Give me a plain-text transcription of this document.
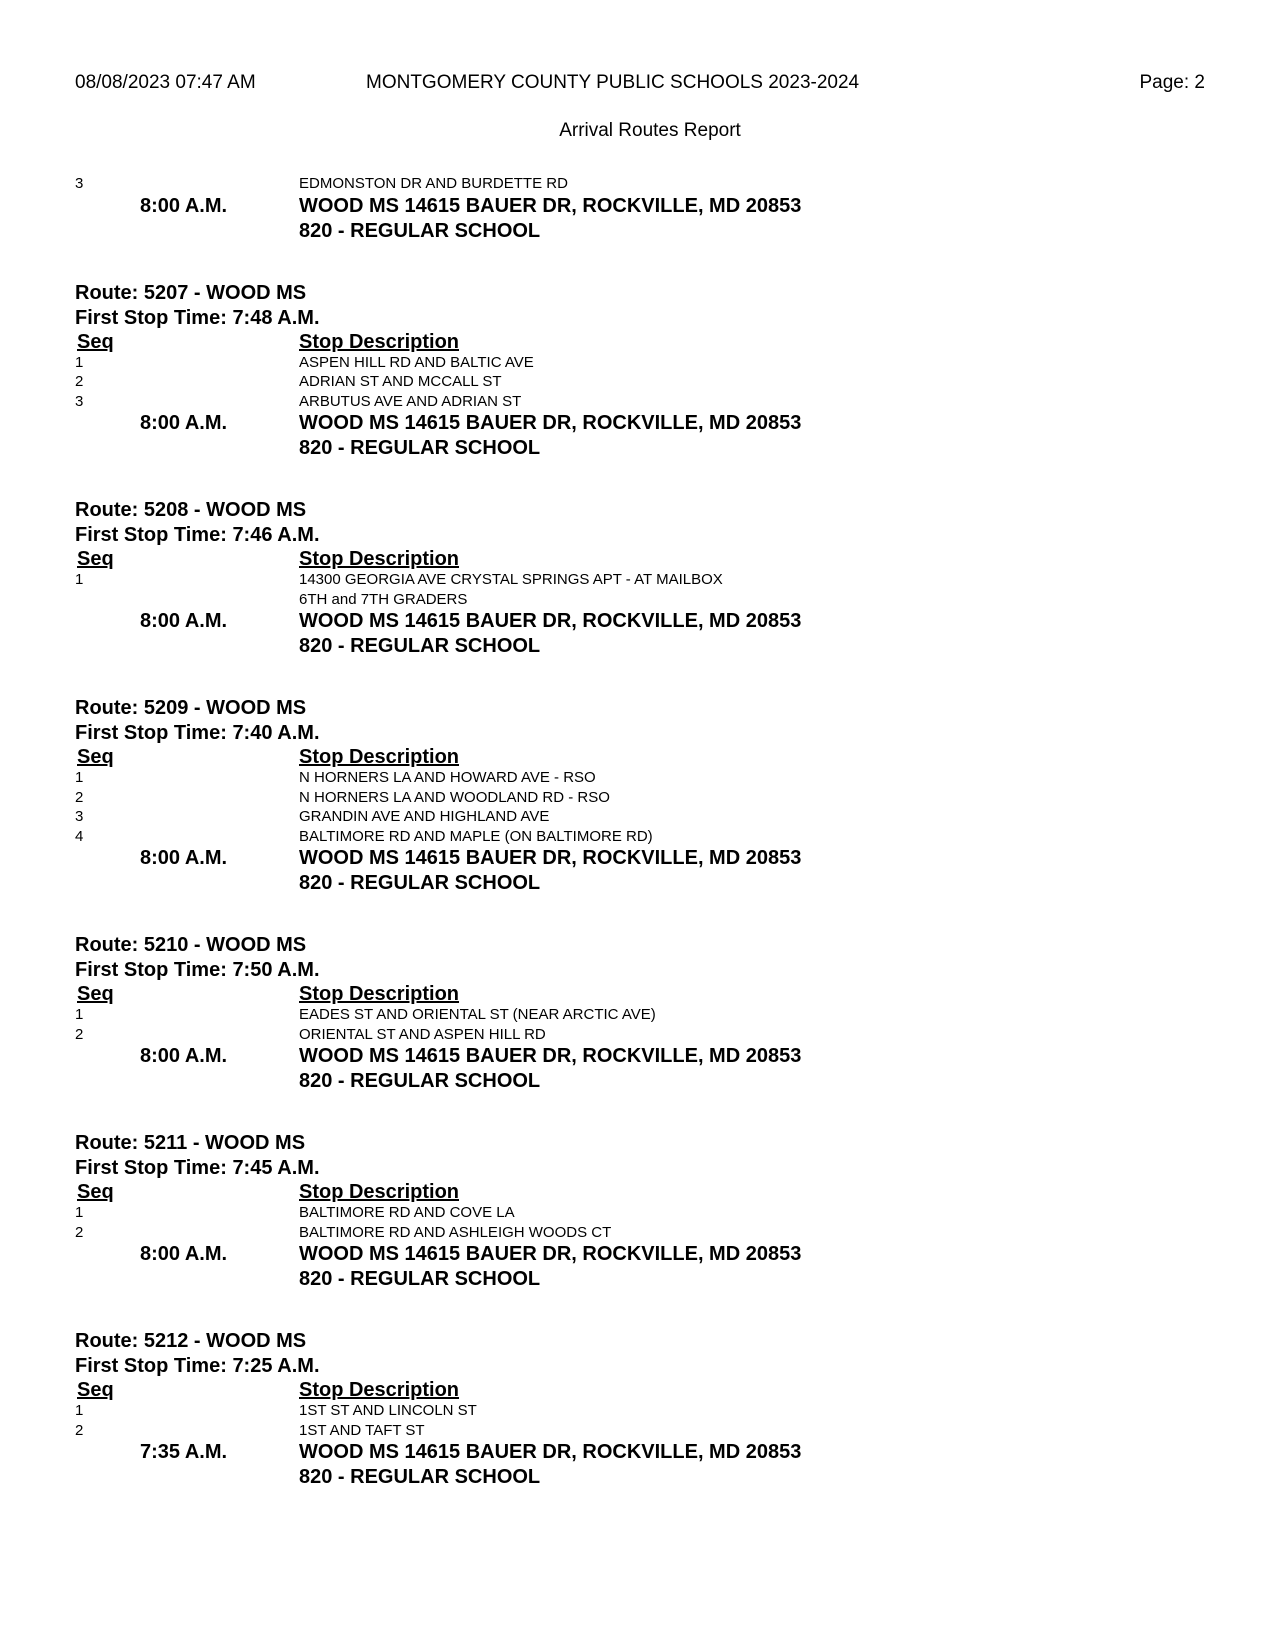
08/08/2023 07:47 AM	MONTGOMERY COUNTY PUBLIC SCHOOLS 2023-2024	Page: 2
Arrival Routes Report
3	EDMONSTON DR AND BURDETTE RD
8:00 A.M.	WOOD MS 14615 BAUER DR, ROCKVILLE, MD 20853
820 - REGULAR SCHOOL
Route: 5207 - WOOD MS
First Stop Time: 7:48 A.M.
Seq	Stop Description
1	ASPEN HILL RD AND BALTIC AVE
2	ADRIAN ST AND MCCALL ST
3	ARBUTUS AVE AND ADRIAN ST
8:00 A.M.	WOOD MS 14615 BAUER DR, ROCKVILLE, MD 20853
820 - REGULAR SCHOOL
Route: 5208 - WOOD MS
First Stop Time: 7:46 A.M.
Seq	Stop Description
1	14300 GEORGIA AVE CRYSTAL SPRINGS APT - AT MAILBOX
6TH and 7TH GRADERS
8:00 A.M.	WOOD MS 14615 BAUER DR, ROCKVILLE, MD 20853
820 - REGULAR SCHOOL
Route: 5209 - WOOD MS
First Stop Time: 7:40 A.M.
Seq	Stop Description
1	N HORNERS LA AND HOWARD AVE - RSO
2	N HORNERS LA AND WOODLAND RD - RSO
3	GRANDIN AVE AND HIGHLAND AVE
4	BALTIMORE RD AND MAPLE (ON BALTIMORE RD)
8:00 A.M.	WOOD MS 14615 BAUER DR, ROCKVILLE, MD 20853
820 - REGULAR SCHOOL
Route: 5210 - WOOD MS
First Stop Time: 7:50 A.M.
Seq	Stop Description
1	EADES ST AND ORIENTAL ST (NEAR ARCTIC AVE)
2	ORIENTAL ST AND ASPEN HILL RD
8:00 A.M.	WOOD MS 14615 BAUER DR, ROCKVILLE, MD 20853
820 - REGULAR SCHOOL
Route: 5211 - WOOD MS
First Stop Time: 7:45 A.M.
Seq	Stop Description
1	BALTIMORE RD AND COVE LA
2	BALTIMORE RD AND ASHLEIGH WOODS CT
8:00 A.M.	WOOD MS 14615 BAUER DR, ROCKVILLE, MD 20853
820 - REGULAR SCHOOL
Route: 5212 - WOOD MS
First Stop Time: 7:25 A.M.
Seq	Stop Description
1	1ST ST AND LINCOLN ST
2	1ST AND TAFT ST
7:35 A.M.	WOOD MS 14615 BAUER DR, ROCKVILLE, MD 20853
820 - REGULAR SCHOOL
